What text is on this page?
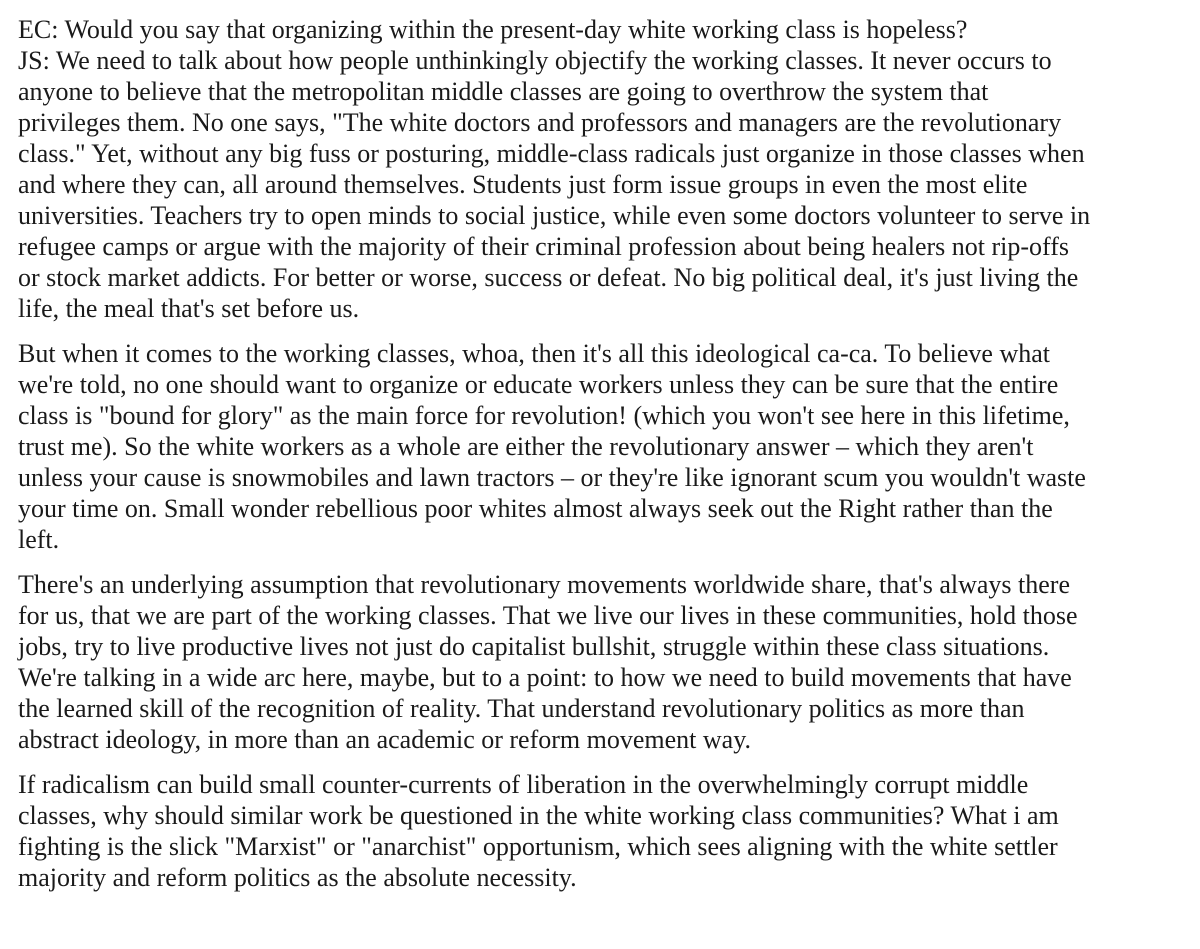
EC: Would you say that organizing within the present-day white working class is hopeless?
JS: We need to talk about how people unthinkingly objectify the working classes. It never occurs to
anyone to believe that the metropolitan middle classes are going to overthrow the system that
privileges them. No one says, "The white doctors and professors and managers are the revolutionary
class." Yet, without any big fuss or posturing, middle-class radicals just organize in those classes when
and where they can, all around themselves. Students just form issue groups in even the most elite
universities. Teachers try to open minds to social justice, while even some doctors volunteer to serve in
refugee camps or argue with the majority of their criminal profession about being healers not rip-offs
or stock market addicts. For better or worse, success or defeat. No big political deal, it's just living the
life, the meal that's set before us.

But when it comes to the working classes, whoa, then it's all this ideological ca-ca. To believe what
we're told, no one should want to organize or educate workers unless they can be sure that the entire
class is "bound for glory" as the main force for revolution! (which you won't see here in this lifetime,
trust me). So the white workers as a whole are either the revolutionary answer – which they aren't
unless your cause is snowmobiles and lawn tractors – or they're like ignorant scum you wouldn't waste
your time on. Small wonder rebellious poor whites almost always seek out the Right rather than the
left.

There's an underlying assumption that revolutionary movements worldwide share, that's always there
for us, that we are part of the working classes. That we live our lives in these communities, hold those
jobs, try to live productive lives not just do capitalist bullshit, struggle within these class situations.
We're talking in a wide arc here, maybe, but to a point: to how we need to build movements that have
the learned skill of the recognition of reality. That understand revolutionary politics as more than
abstract ideology, in more than an academic or reform movement way.

If radicalism can build small counter-currents of liberation in the overwhelmingly corrupt middle
classes, why should similar work be questioned in the white working class communities? What i am
fighting is the slick "Marxist" or "anarchist" opportunism, which sees aligning with the white settler
majority and reform politics as the absolute necessity.
